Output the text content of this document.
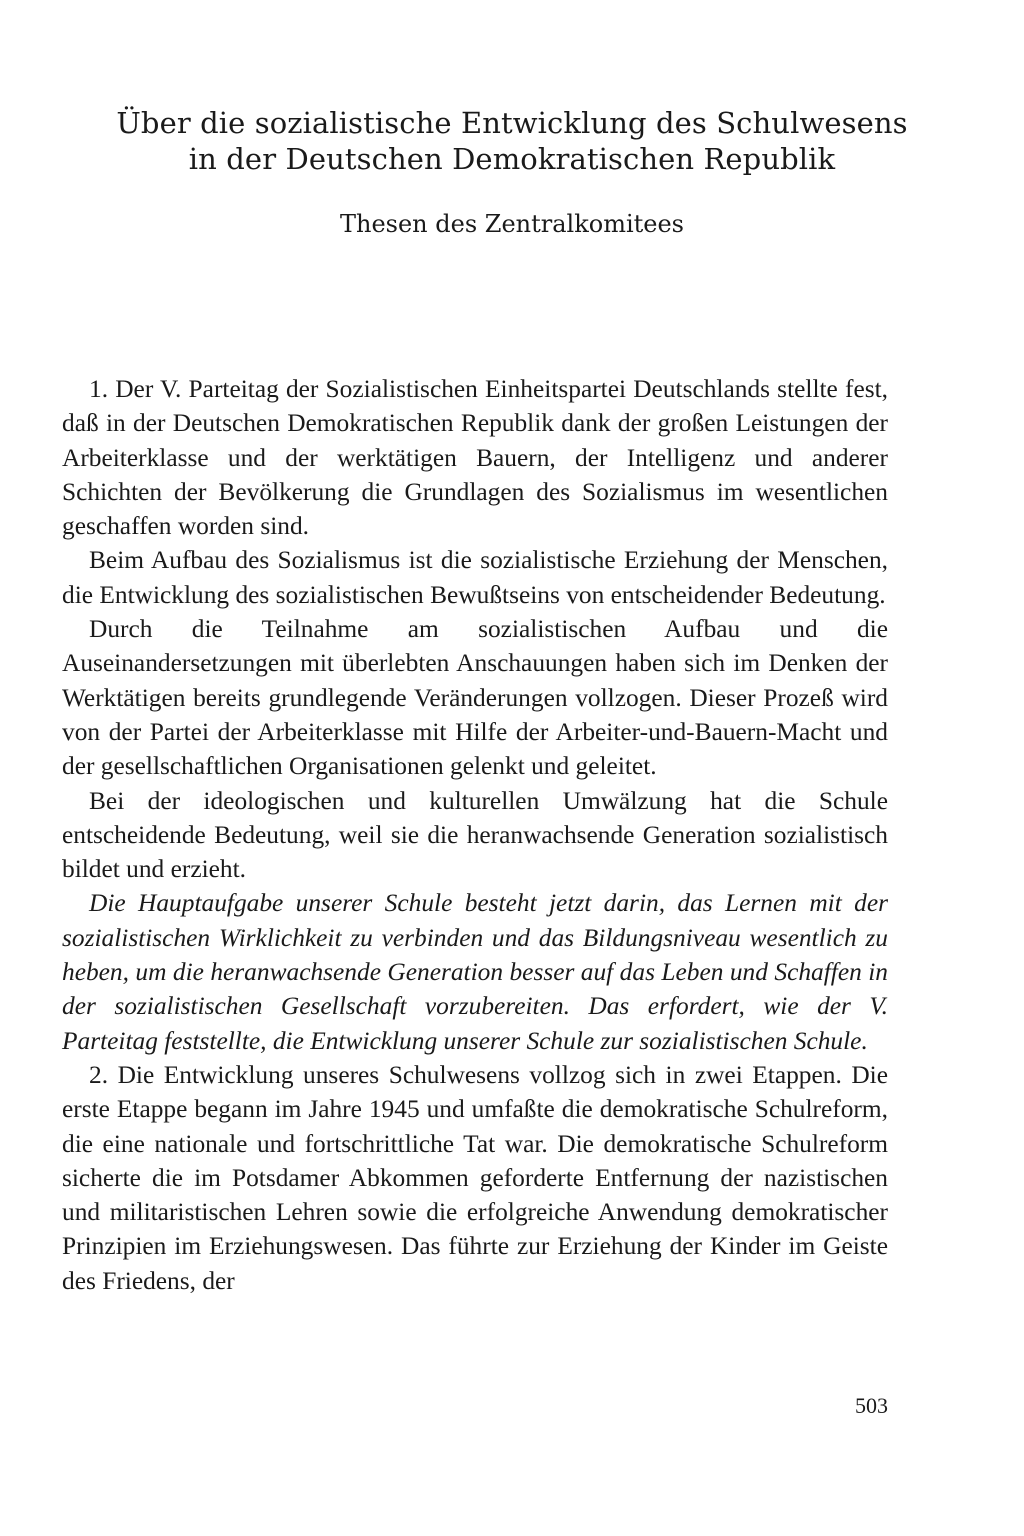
Über die sozialistische Entwicklung des Schulwesens
in der Deutschen Demokratischen Republik
Thesen des Zentralkomitees

1. Der V. Parteitag der Sozialistischen Einheitspartei Deutschlands stellte fest, daß in der Deutschen Demokratischen Republik dank der großen Leistungen der Arbeiterklasse und der werktätigen Bauern, der Intelligenz und anderer Schichten der Bevölkerung die Grundlagen des Sozialismus im wesentlichen geschaffen worden sind.

Beim Aufbau des Sozialismus ist die sozialistische Erziehung der Menschen, die Entwicklung des sozialistischen Bewußtseins von entscheidender Bedeutung.

Durch die Teilnahme am sozialistischen Aufbau und die Auseinandersetzungen mit überlebten Anschauungen haben sich im Denken der Werktätigen bereits grundlegende Veränderungen vollzogen. Dieser Prozeß wird von der Partei der Arbeiterklasse mit Hilfe der Arbeiter-und-Bauern-Macht und der gesellschaftlichen Organisationen gelenkt und geleitet.

Bei der ideologischen und kulturellen Umwälzung hat die Schule entscheidende Bedeutung, weil sie die heranwachsende Generation sozialistisch bildet und erzieht.

Die Hauptaufgabe unserer Schule besteht jetzt darin, das Lernen mit der sozialistischen Wirklichkeit zu verbinden und das Bildungsniveau wesentlich zu heben, um die heranwachsende Generation besser auf das Leben und Schaffen in der sozialistischen Gesellschaft vorzubereiten. Das erfordert, wie der V. Parteitag feststellte, die Entwicklung unserer Schule zur sozialistischen Schule.

2. Die Entwicklung unseres Schulwesens vollzog sich in zwei Etappen. Die erste Etappe begann im Jahre 1945 und umfaßte die demokratische Schulreform, die eine nationale und fortschrittliche Tat war. Die demokratische Schulreform sicherte die im Potsdamer Abkommen geforderte Entfernung der nazistischen und militaristischen Lehren sowie die erfolgreiche Anwendung demokratischer Prinzipien im Erziehungswesen. Das führte zur Erziehung der Kinder im Geiste des Friedens, der

503
